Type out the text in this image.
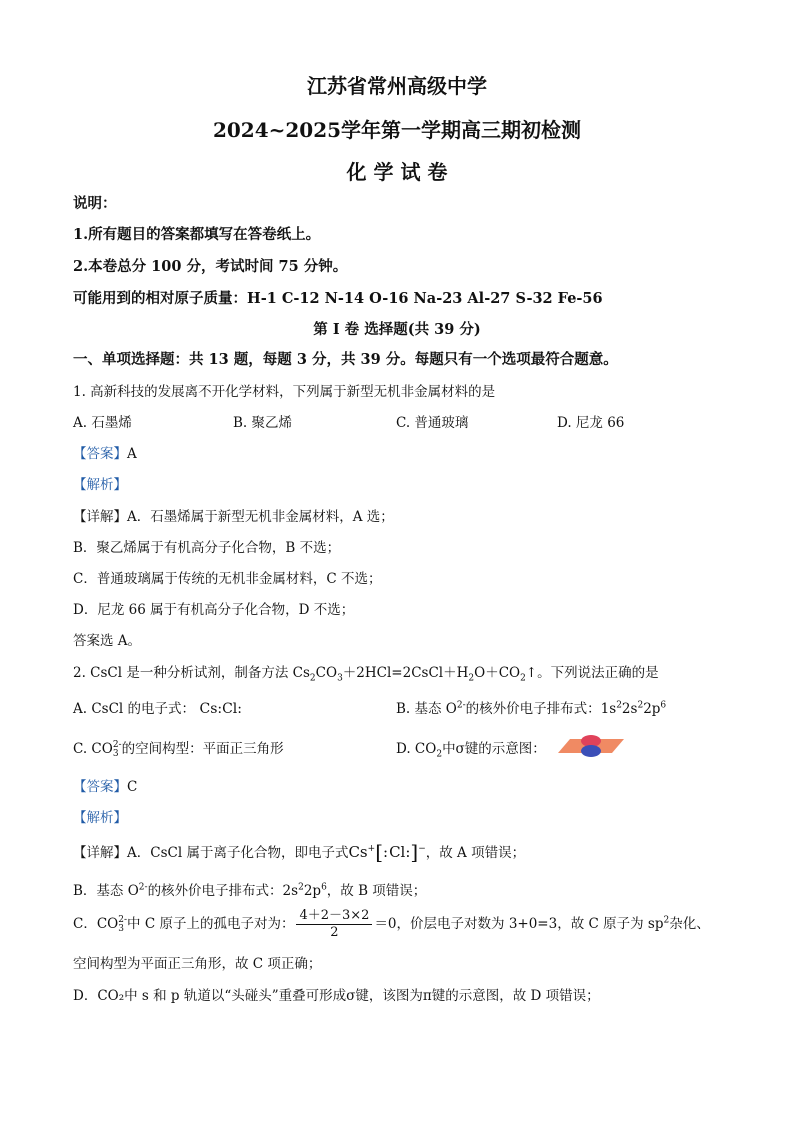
江苏省常州高级中学
2024~2025学年第一学期高三期初检测
化 学 试 卷
说明：
1.所有题目的答案都填写在答卷纸上。
2.本卷总分 100 分，考试时间 75 分钟。
可能用到的相对原子质量：H-1 C-12 N-14 O-16 Na-23 Al-27 S-32 Fe-56
第 I 卷 选择题(共 39 分)
一、单项选择题：共 13 题，每题 3 分，共 39 分。每题只有一个选项最符合题意。
1. 高新科技的发展离不开化学材料，下列属于新型无机非金属材料的是
A. 石墨烯	B. 聚乙烯	C. 普通玻璃	D. 尼龙 66
【答案】A
【解析】
【详解】A．石墨烯属于新型无机非金属材料，A 选；
B．聚乙烯属于有机高分子化合物，B 不选；
C．普通玻璃属于传统的无机非金属材料，C 不选；
D．尼龙 66 属于有机高分子化合物，D 不选；
答案选 A。
2. CsCl 是一种分析试剂，制备方法 $Cs_2CO_3+2HCl=2CsCl+H_2O+CO_2↑$。下列说法正确的是
A. CsCl 的电子式： Cs:Cl:	B. 基态 $O^{2-}$的核外价电子排布式：$1s^22s^22p^6$
C. CO 2-
3 的空间构型：平面正三角形	D. $CO_2$中σ键的示意图：
【答案】C
【解析】
【详解】A．CsCl 属于离子化合物，即电子式Cs+[:Cl:]−，故 A 项错误；
B．基态 $O^{2-}$的核外价电子排布式：$2s^22p^6$，故 B 项错误；
C．CO 2-
3 中 C 原子上的孤电子对为： $\frac{4+2-3\times 2}{2} =0$，价层电子对数为 3+0=3，故 C 原子为 $sp^2$杂化、
空间构型为平面正三角形，故 C 项正确；
D．CO₂中 s 和 p 轨道以“头碰头”重叠可形成σ键，该图为π键的示意图，故 D 项错误；
